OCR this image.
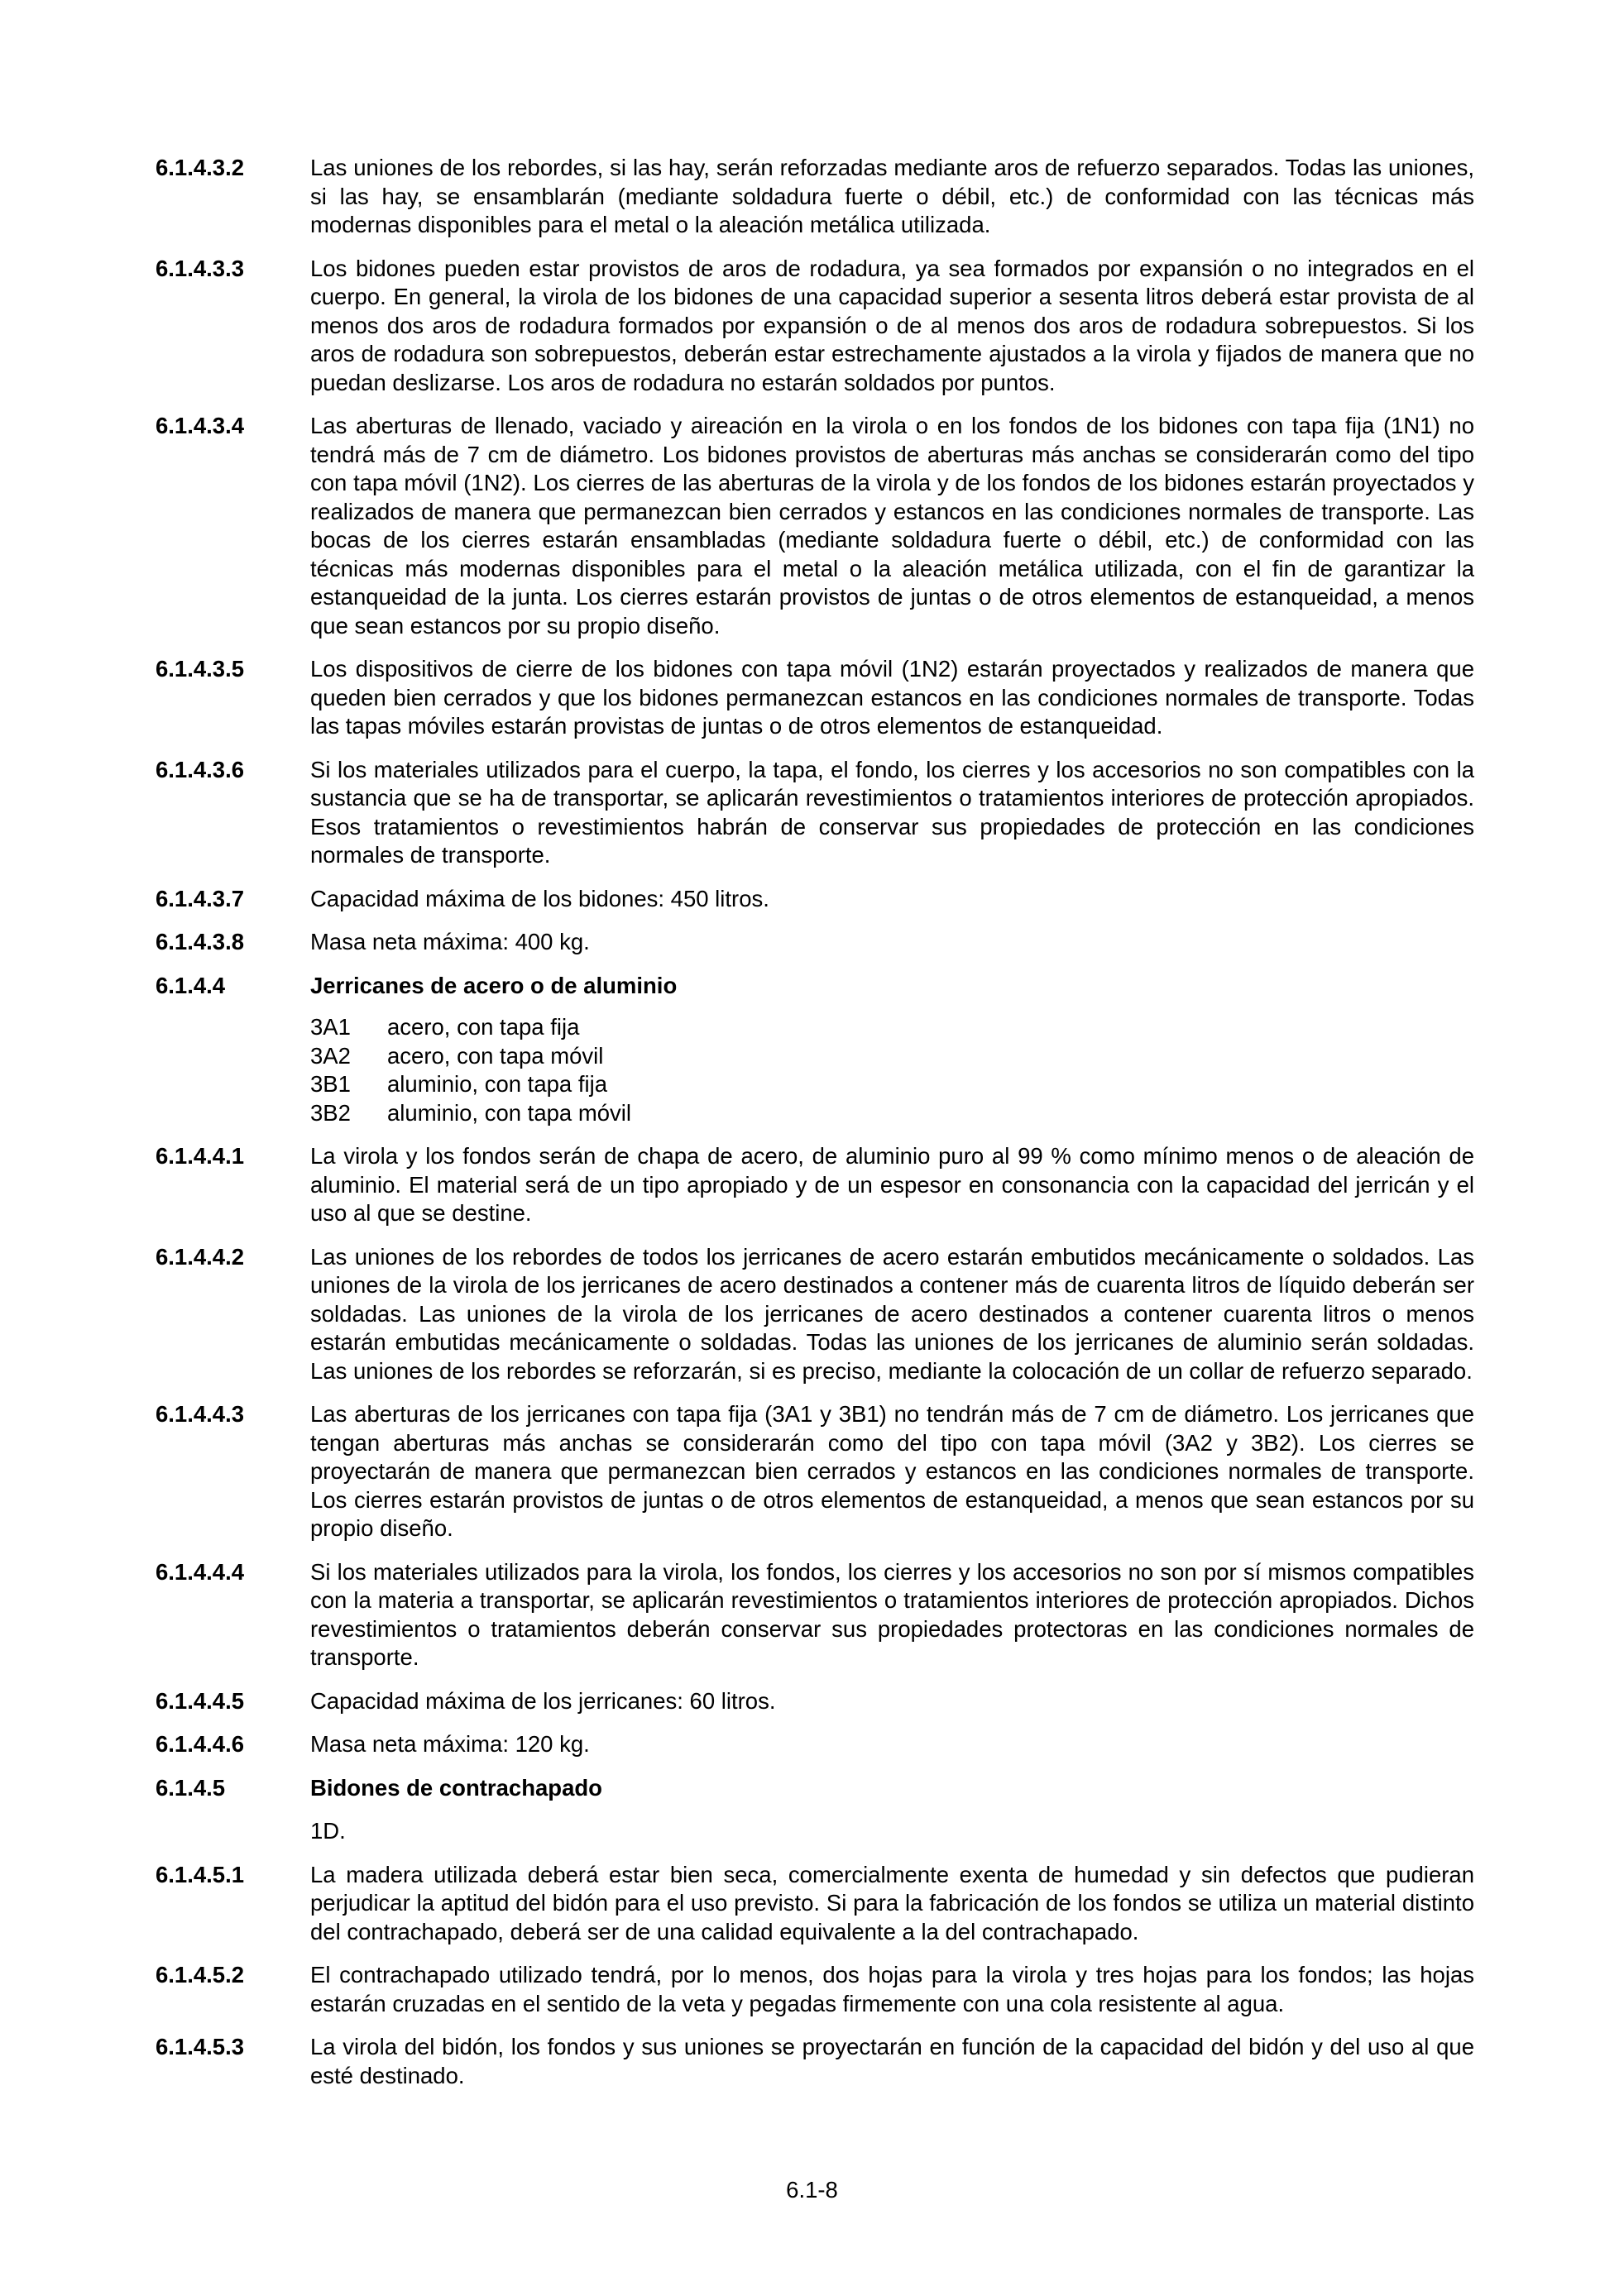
6.1.4.3.2	Las uniones de los rebordes, si las hay, serán reforzadas mediante aros de refuerzo separados. Todas las uniones, si las hay, se ensamblarán (mediante soldadura fuerte o débil, etc.) de conformidad con las técnicas más modernas disponibles para el metal o la aleación metálica utilizada.
6.1.4.3.3	Los bidones pueden estar provistos de aros de rodadura, ya sea formados por expansión o no integrados en el cuerpo. En general, la virola de los bidones de una capacidad superior a sesenta litros deberá estar provista de al menos dos aros de rodadura formados por expansión o de al menos dos aros de rodadura sobrepuestos. Si los aros de rodadura son sobrepuestos, deberán estar estrechamente ajustados a la virola y fijados de manera que no puedan deslizarse. Los aros de rodadura no estarán soldados por puntos.
6.1.4.3.4	Las aberturas de llenado, vaciado y aireación en la virola o en los fondos de los bidones con tapa fija (1N1) no tendrá más de 7 cm de diámetro. Los bidones provistos de aberturas más anchas se considerarán como del tipo con tapa móvil (1N2). Los cierres de las aberturas de la virola y de los fondos de los bidones estarán proyectados y realizados de manera que permanezcan bien cerrados y estancos en las condiciones normales de transporte. Las bocas de los cierres estarán ensambladas (mediante soldadura fuerte o débil, etc.) de conformidad con las técnicas más modernas disponibles para el metal o la aleación metálica utilizada, con el fin de garantizar la estanqueidad de la junta. Los cierres estarán provistos de juntas o de otros elementos de estanqueidad, a menos que sean estancos por su propio diseño.
6.1.4.3.5	Los dispositivos de cierre de los bidones con tapa móvil (1N2) estarán proyectados y realizados de manera que queden bien cerrados y que los bidones permanezcan estancos en las condiciones normales de transporte. Todas las tapas móviles estarán provistas de juntas o de otros elementos de estanqueidad.
6.1.4.3.6	Si los materiales utilizados para el cuerpo, la tapa, el fondo, los cierres y los accesorios no son compatibles con la sustancia que se ha de transportar, se aplicarán revestimientos o tratamientos interiores de protección apropiados. Esos tratamientos o revestimientos habrán de conservar sus propiedades de protección en las condiciones normales de transporte.
6.1.4.3.7	Capacidad máxima de los bidones: 450 litros.
6.1.4.3.8	Masa neta máxima: 400 kg.
6.1.4.4	Jerricanes de acero o de aluminio
3A1	acero, con tapa fija
3A2	acero, con tapa móvil
3B1	aluminio, con tapa fija
3B2	aluminio, con tapa móvil
6.1.4.4.1	La virola y los fondos serán de chapa de acero, de aluminio puro al 99 % como mínimo menos o de aleación de aluminio. El material será de un tipo apropiado y de un espesor en consonancia con la capacidad del jerricán y el uso al que se destine.
6.1.4.4.2	Las uniones de los rebordes de todos los jerricanes de acero estarán embutidos mecánicamente o soldados. Las uniones de la virola de los jerricanes de acero destinados a contener más de cuarenta litros de líquido deberán ser soldadas. Las uniones de la virola de los jerricanes de acero destinados a contener cuarenta litros o menos estarán embutidas mecánicamente o soldadas. Todas las uniones de los jerricanes de aluminio serán soldadas. Las uniones de los rebordes se reforzarán, si es preciso, mediante la colocación de un collar de refuerzo separado.
6.1.4.4.3	Las aberturas de los jerricanes con tapa fija (3A1 y 3B1) no tendrán más de 7 cm de diámetro. Los jerricanes que tengan aberturas más anchas se considerarán como del tipo con tapa móvil (3A2 y 3B2). Los cierres se proyectarán de manera que permanezcan bien cerrados y estancos en las condiciones normales de transporte. Los cierres estarán provistos de juntas o de otros elementos de estanqueidad, a menos que sean estancos por su propio diseño.
6.1.4.4.4	Si los materiales utilizados para la virola, los fondos, los cierres y los accesorios no son por sí mismos compatibles con la materia a transportar, se aplicarán revestimientos o tratamientos interiores de protección apropiados. Dichos revestimientos o tratamientos deberán conservar sus propiedades protectoras en las condiciones normales de transporte.
6.1.4.4.5	Capacidad máxima de los jerricanes: 60 litros.
6.1.4.4.6	Masa neta máxima: 120 kg.
6.1.4.5	Bidones de contrachapado
1D.
6.1.4.5.1	La madera utilizada deberá estar bien seca, comercialmente exenta de humedad y sin defectos que pudieran perjudicar la aptitud del bidón para el uso previsto. Si para la fabricación de los fondos se utiliza un material distinto del contrachapado, deberá ser de una calidad equivalente a la del contrachapado.
6.1.4.5.2	El contrachapado utilizado tendrá, por lo menos, dos hojas para la virola y tres hojas para los fondos; las hojas estarán cruzadas en el sentido de la veta y pegadas firmemente con una cola resistente al agua.
6.1.4.5.3	La virola del bidón, los fondos y sus uniones se proyectarán en función de la capacidad del bidón y del uso al que esté destinado.
6.1-8
